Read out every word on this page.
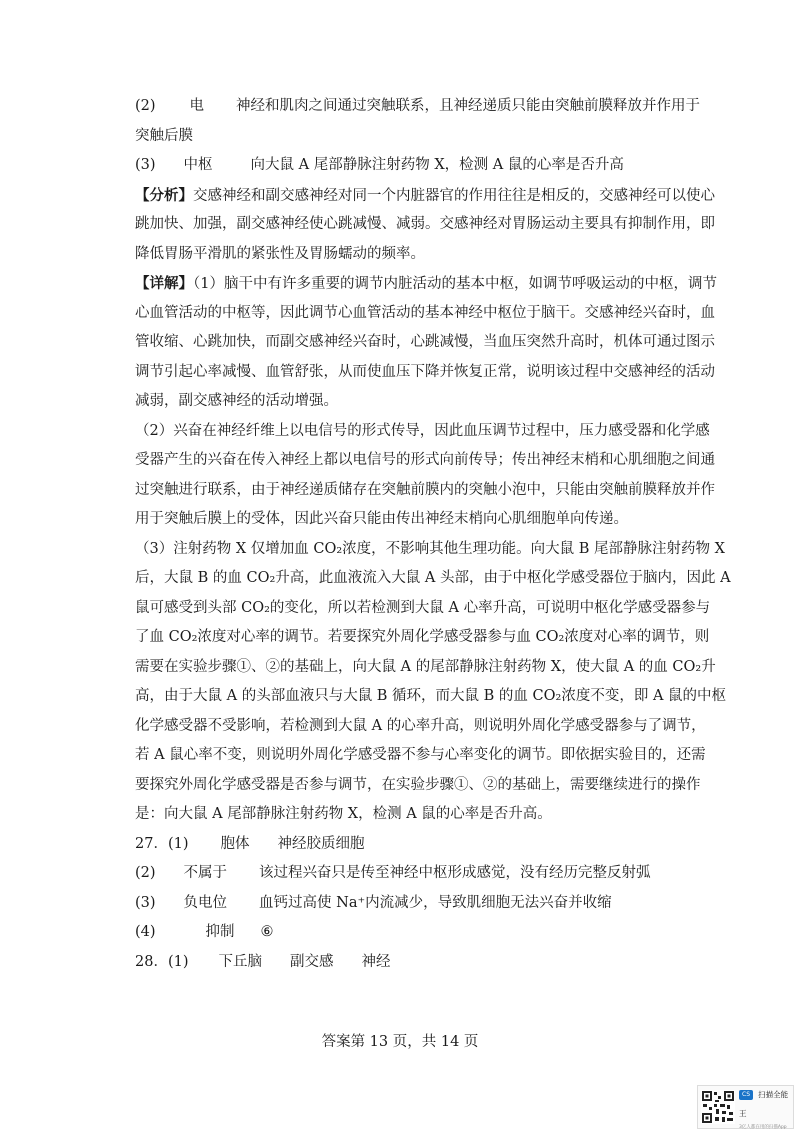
(2) 电 神经和肌肉之间通过突触联系，且神经递质只能由突触前膜释放并作用于
突触后膜
(3) 中枢	向大鼠 A 尾部静脉注射药物 X，检测 A 鼠的心率是否升高

【分析】交感神经和副交感神经对同一个内脏器官的作用往往是相反的，交感神经可以使心

跳加快、加强，副交感神经使心跳减慢、减弱。交感神经对胃肠运动主要具有抑制作用，即

降低胃肠平滑肌的紧张性及胃肠蠕动的频率。

【详解】（1）脑干中有许多重要的调节内脏活动的基本中枢，如调节呼吸运动的中枢，调节

心血管活动的中枢等，因此调节心血管活动的基本神经中枢位于脑干。交感神经兴奋时，血

管收缩、心跳加快，而副交感神经兴奋时，心跳减慢，当血压突然升高时，机体可通过图示

调节引起心率减慢、血管舒张，从而使血压下降并恢复正常，说明该过程中交感神经的活动

减弱，副交感神经的活动增强。

（2）兴奋在神经纤维上以电信号的形式传导，因此血压调节过程中，压力感受器和化学感

受器产生的兴奋在传入神经上都以电信号的形式向前传导；传出神经末梢和心肌细胞之间通

过突触进行联系，由于神经递质储存在突触前膜内的突触小泡中，只能由突触前膜释放并作

用于突触后膜上的受体，因此兴奋只能由传出神经末梢向心肌细胞单向传递。

（3）注射药物 X 仅增加血 CO₂浓度，不影响其他生理功能。向大鼠 B 尾部静脉注射药物 X

后，大鼠 B 的血 CO₂升高，此血液流入大鼠 A 头部，由于中枢化学感受器位于脑内，因此 A

鼠可感受到头部 CO₂的变化，所以若检测到大鼠 A 心率升高，可说明中枢化学感受器参与

了血 CO₂浓度对心率的调节。若要探究外周化学感受器参与血 CO₂浓度对心率的调节，则

需要在实验步骤①、②的基础上，向大鼠 A 的尾部静脉注射药物 X，使大鼠 A 的血 CO₂升

高，由于大鼠 A 的头部血液只与大鼠 B 循环，而大鼠 B 的血 CO₂浓度不变，即 A 鼠的中枢

化学感受器不受影响，若检测到大鼠 A 的心率升高，则说明外周化学感受器参与了调节，

若 A 鼠心率不变，则说明外周化学感受器不参与心率变化的调节。即依据实验目的，还需

要探究外周化学感受器是否参与调节，在实验步骤①、②的基础上，需要继续进行的操作

是：向大鼠 A 尾部静脉注射药物 X，检测 A 鼠的心率是否升高。

27．(1) 胞体 神经胶质细胞
(2) 不属于 该过程兴奋只是传至神经中枢形成感觉，没有经历完整反射弧
(3) 负电位 血钙过高使 Na⁺内流减少，导致肌细胞无法兴奋并收缩
(4)	抑制 ⑥
28．(1) 下丘脑 副交感 神经
答案第 13 页，共 14 页
CS 扫描全能王
3亿人都在用的扫描App
